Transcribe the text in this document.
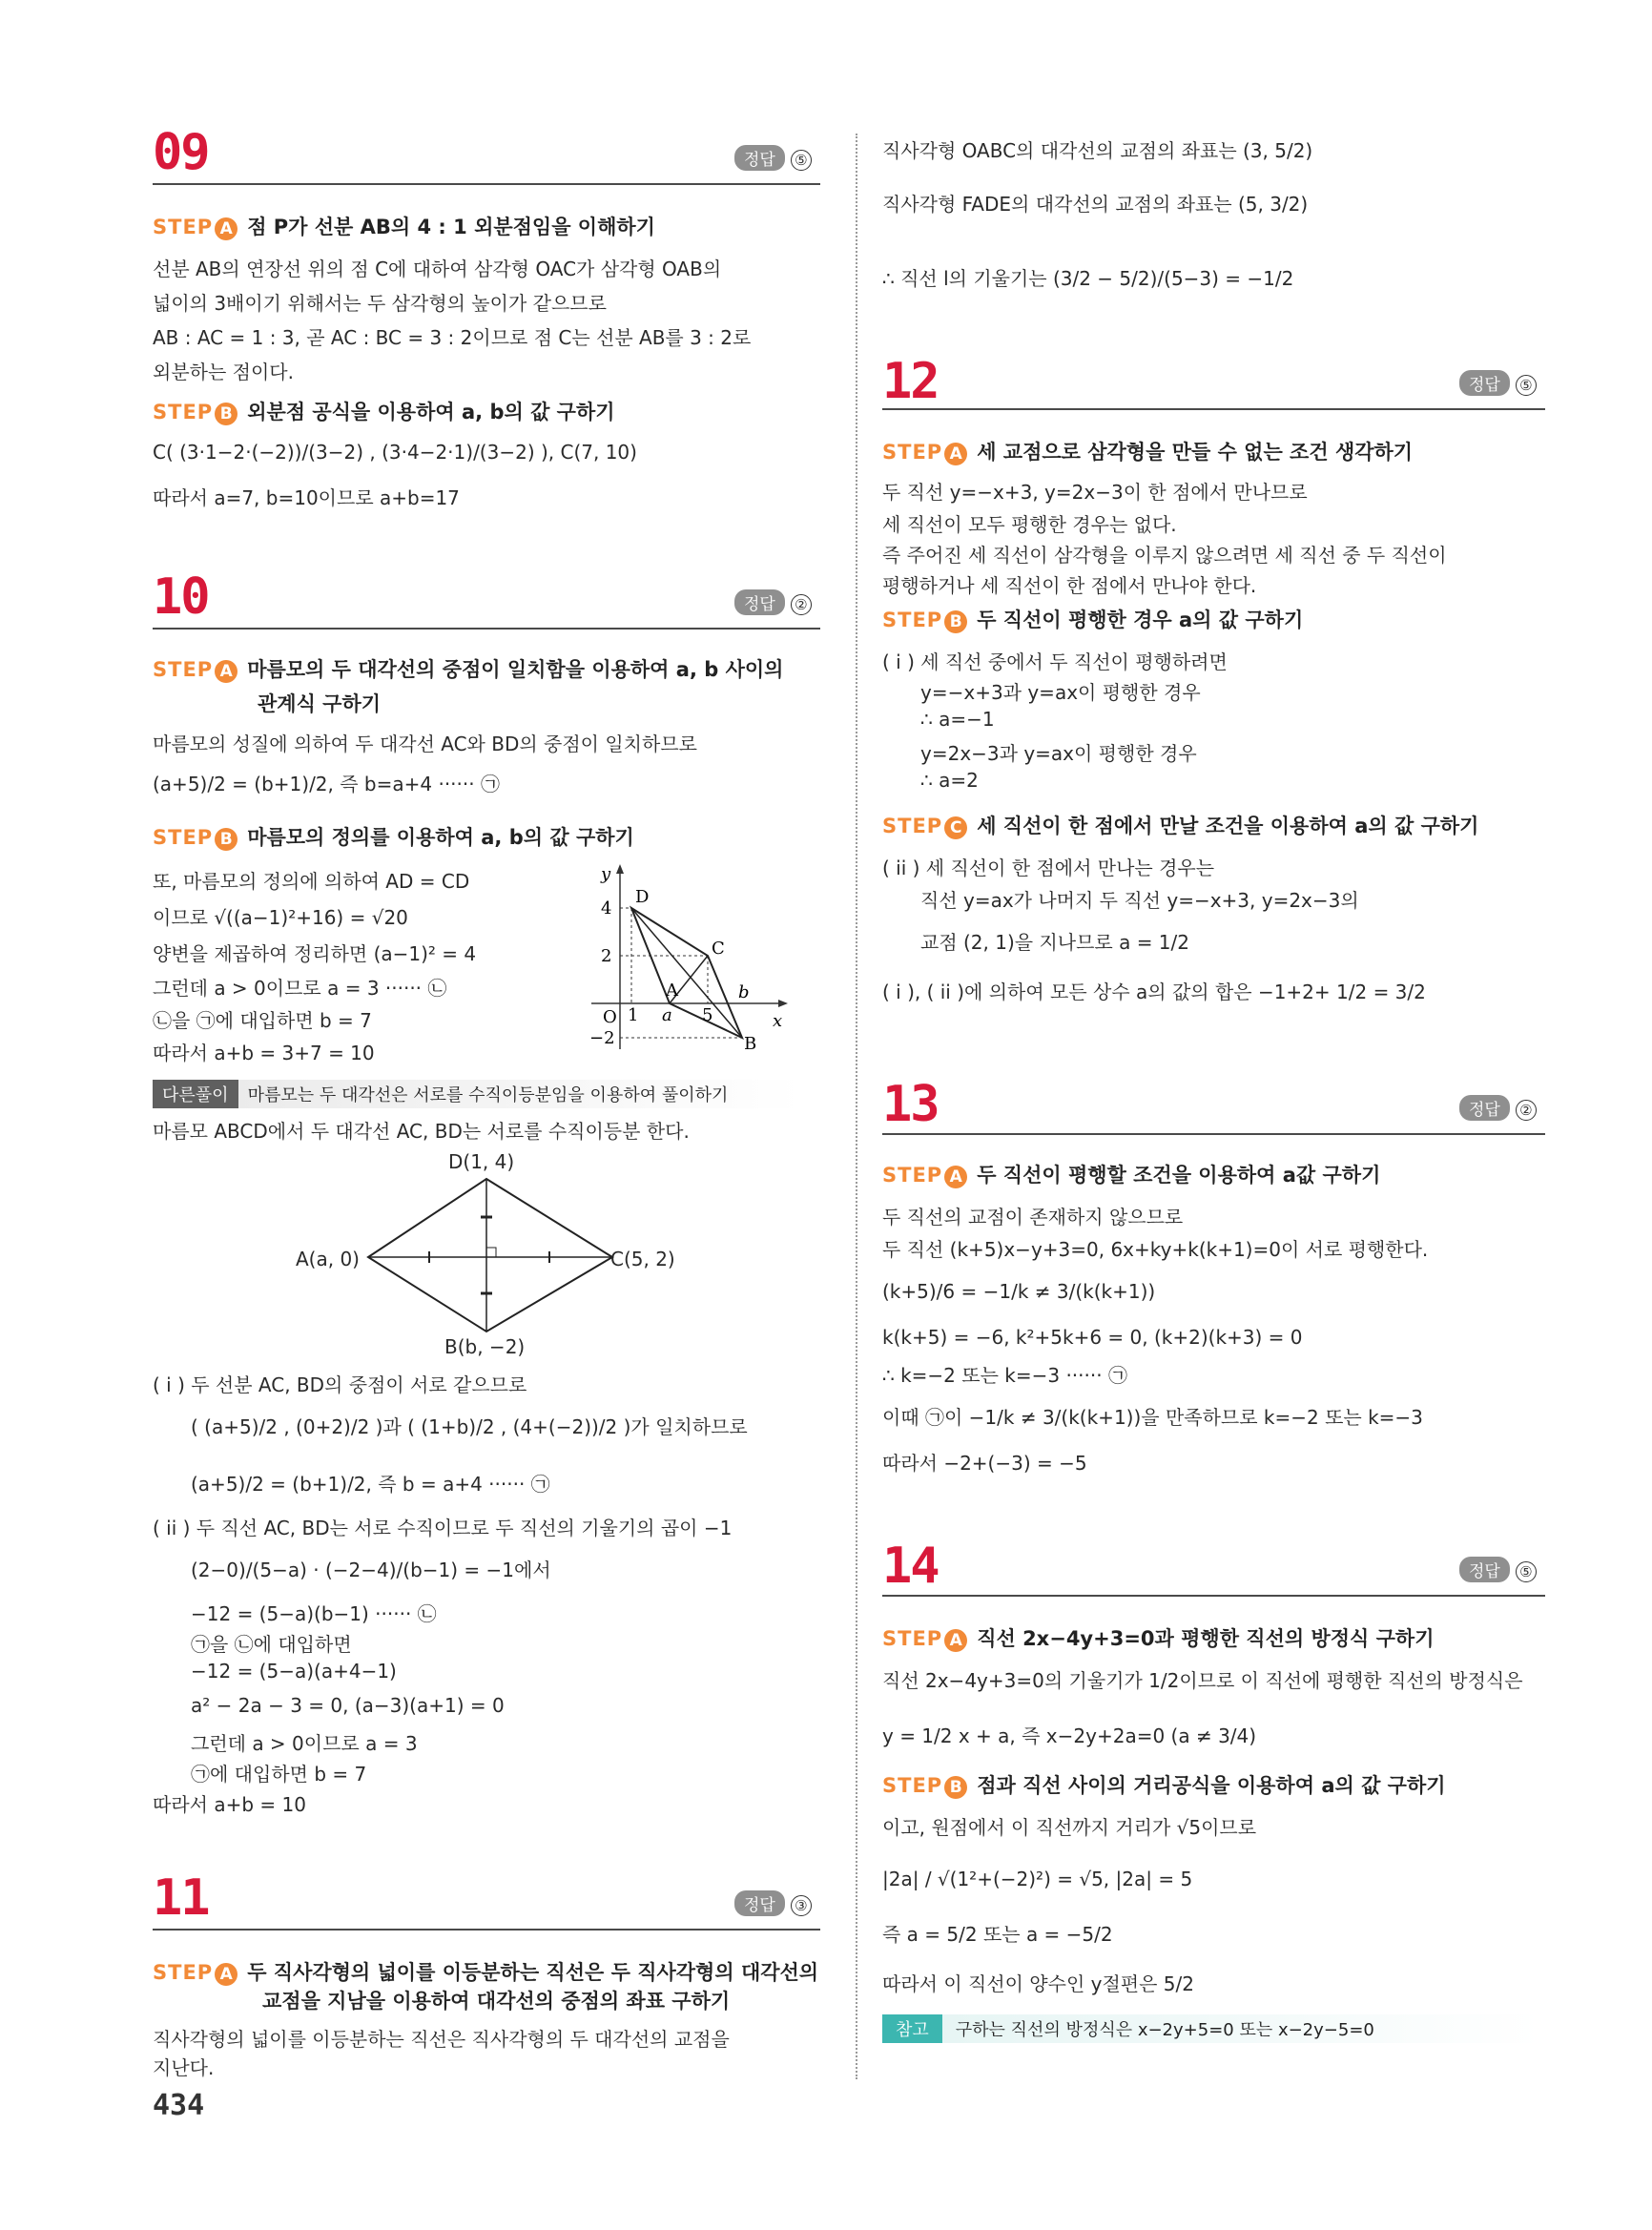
09	정답 ⑤
STEP A 점 P가 선분 AB의 4 : 1 외분점임을 이해하기
선분 AB의 연장선 위의 점 C에 대하여 삼각형 OAC가 삼각형 OAB의
넓이의 3배이기 위해서는 두 삼각형의 높이가 같으므로
AB : AC = 1 : 3, 곧 AC : BC = 3 : 2이므로 점 C는 선분 AB를 3 : 2로
외분하는 점이다.
STEP B 외분점 공식을 이용하여 a, b의 값 구하기
C( (3·1−2·(−2))/(3−2) , (3·4−2·1)/(3−2) ), C(7, 10)
따라서 a=7, b=10이므로 a+b=17
10	정답 ②
STEP A 마름모의 두 대각선의 중점이 일치함을 이용하여 a, b 사이의
관계식 구하기
마름모의 성질에 의하여 두 대각선 AC와 BD의 중점이 일치하므로
(a+5)/2 = (b+1)/2, 즉 b=a+4 ······ ㉠
STEP B 마름모의 정의를 이용하여 a, b의 값 구하기
또, 마름모의 정의에 의하여 AD = CD
이므로 √((a−1)²+16) = √20
양변을 제곱하여 정리하면 (a−1)² = 4
그런데 a > 0이므로 a = 3 ······ ㉡
㉡을 ㉠에 대입하면 b = 7
따라서 a+b = 3+7 = 10
y
x
O
4
2
−2
1	5
D
C
A
B
a
b
다른풀이 마름모는 두 대각선은 서로를 수직이등분임을 이용하여 풀이하기
마름모 ABCD에서 두 대각선 AC, BD는 서로를 수직이등분 한다.
D(1, 4)
A(a, 0)	C(5, 2)
B(b, −2)
( i ) 두 선분 AC, BD의 중점이 서로 같으므로
( (a+5)/2 , (0+2)/2 )과 ( (1+b)/2 , (4+(−2))/2 )가 일치하므로
(a+5)/2 = (b+1)/2, 즉 b = a+4 ······ ㉠
( ii ) 두 직선 AC, BD는 서로 수직이므로 두 직선의 기울기의 곱이 −1
(2−0)/(5−a) · (−2−4)/(b−1) = −1에서
−12 = (5−a)(b−1) ······ ㉡
㉠을 ㉡에 대입하면
−12 = (5−a)(a+4−1)
a² − 2a − 3 = 0, (a−3)(a+1) = 0
그런데 a > 0이므로 a = 3
㉠에 대입하면 b = 7
따라서 a+b = 10
11	정답 ③
STEP A 두 직사각형의 넓이를 이등분하는 직선은 두 직사각형의 대각선의
교점을 지남을 이용하여 대각선의 중점의 좌표 구하기
직사각형의 넓이를 이등분하는 직선은 직사각형의 두 대각선의 교점을
지난다.
434
직사각형 OABC의 대각선의 교점의 좌표는 (3, 5/2)
직사각형 FADE의 대각선의 교점의 좌표는 (5, 3/2)
∴ 직선 l의 기울기는 (3/2 − 5/2)/(5−3) = −1/2
12	정답 ⑤
STEP A 세 교점으로 삼각형을 만들 수 없는 조건 생각하기
두 직선 y=−x+3, y=2x−3이 한 점에서 만나므로
세 직선이 모두 평행한 경우는 없다.
즉 주어진 세 직선이 삼각형을 이루지 않으려면 세 직선 중 두 직선이
평행하거나 세 직선이 한 점에서 만나야 한다.
STEP B 두 직선이 평행한 경우 a의 값 구하기
( i ) 세 직선 중에서 두 직선이 평행하려면
y=−x+3과 y=ax이 평행한 경우
∴ a=−1
y=2x−3과 y=ax이 평행한 경우
∴ a=2
STEP C 세 직선이 한 점에서 만날 조건을 이용하여 a의 값 구하기
( ii ) 세 직선이 한 점에서 만나는 경우는
직선 y=ax가 나머지 두 직선 y=−x+3, y=2x−3의
교점 (2, 1)을 지나므로 a = 1/2
( i ), ( ii )에 의하여 모든 상수 a의 값의 합은 −1+2+ 1/2 = 3/2
13	정답 ②
STEP A 두 직선이 평행할 조건을 이용하여 a값 구하기
두 직선의 교점이 존재하지 않으므로
두 직선 (k+5)x−y+3=0, 6x+ky+k(k+1)=0이 서로 평행한다.
(k+5)/6 = −1/k ≠ 3/(k(k+1))
k(k+5) = −6, k²+5k+6 = 0, (k+2)(k+3) = 0
∴ k=−2 또는 k=−3 ······ ㉠
이때 ㉠이 −1/k ≠ 3/(k(k+1))을 만족하므로 k=−2 또는 k=−3
따라서 −2+(−3) = −5
14	정답 ⑤
STEP A 직선 2x−4y+3=0과 평행한 직선의 방정식 구하기
직선 2x−4y+3=0의 기울기가 1/2이므로 이 직선에 평행한 직선의 방정식은
y = 1/2 x + a, 즉 x−2y+2a=0 (a ≠ 3/4)
STEP B 점과 직선 사이의 거리공식을 이용하여 a의 값 구하기
이고, 원점에서 이 직선까지 거리가 √5이므로
|2a| / √(1²+(−2)²) = √5, |2a| = 5
즉 a = 5/2 또는 a = −5/2
따라서 이 직선이 양수인 y절편은 5/2
참고 구하는 직선의 방정식은 x−2y+5=0 또는 x−2y−5=0
